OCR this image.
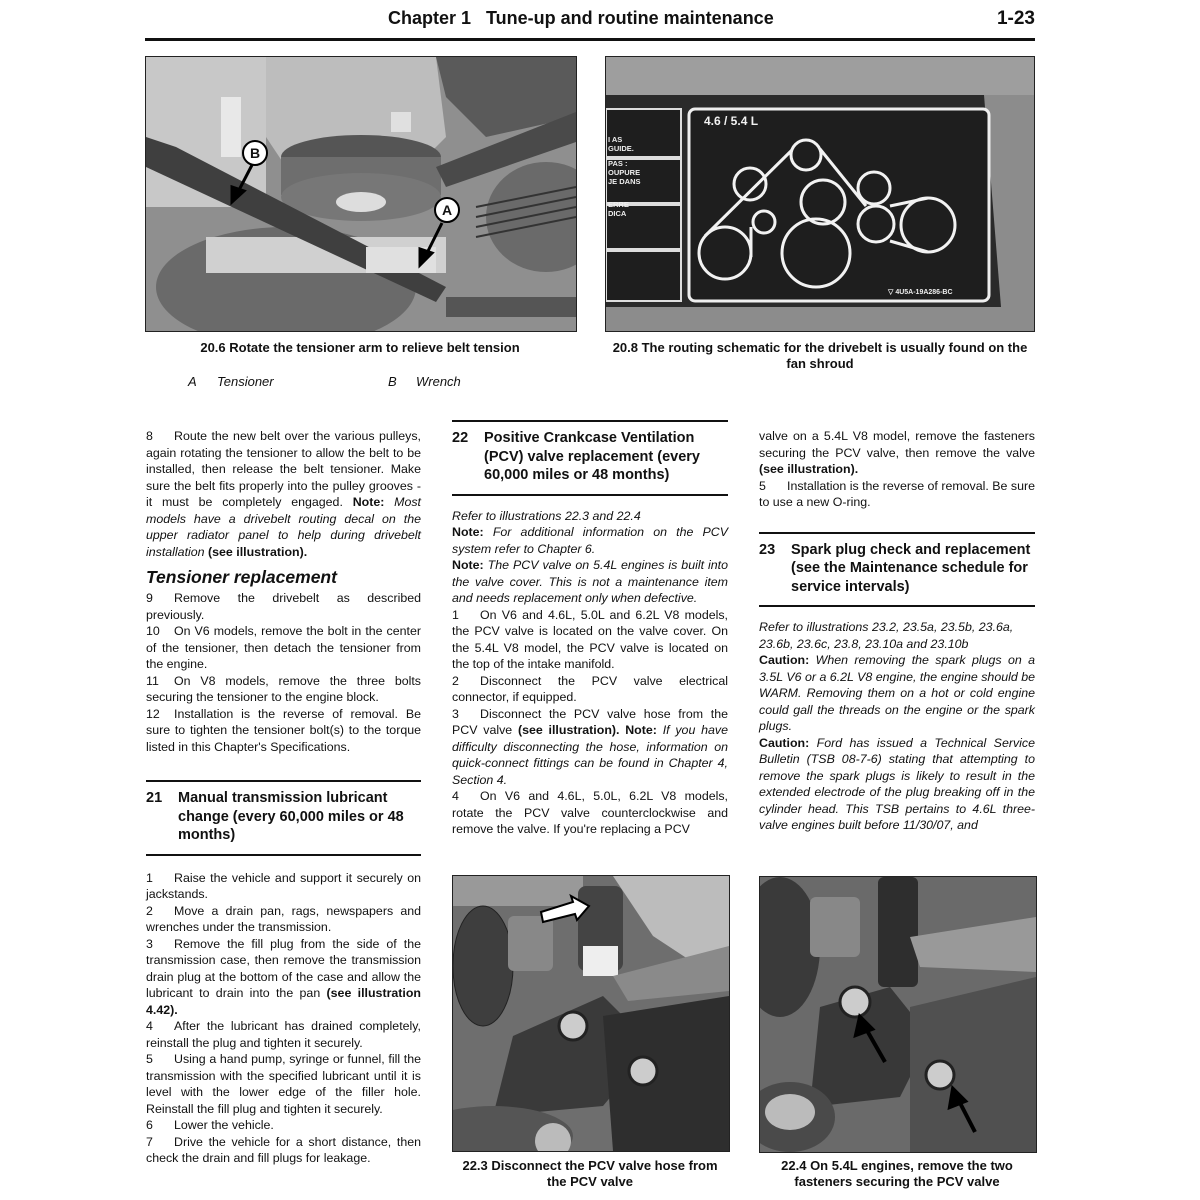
Chapter 1   Tune-up and routine maintenance	1-23
B
A
4.6 / 5.4 L
▽ 4U5A-19A286-BC
I AS
GUIDE.
PAS :
OUPURE
JE DANS
ERRE
DICA
20.6 Rotate the tensioner arm to relieve belt tension
A Tensioner	B Wrench
20.8 The routing schematic for the drivebelt is usually found on the fan shroud

8 Route the new belt over the various pulleys, again rotating the tensioner to allow the belt to be installed, then release the belt tensioner. Make sure the belt fits properly into the pulley grooves - it must be completely engaged. Note: Most models have a drivebelt routing decal on the upper radiator panel to help during drivebelt installation (see illustration).

Tensioner replacement

9 Remove the drivebelt as described previously.

10 On V6 models, remove the bolt in the center of the tensioner, then detach the tensioner from the engine.

11 On V8 models, remove the three bolts securing the tensioner to the engine block.

12 Installation is the reverse of removal. Be sure to tighten the tensioner bolt(s) to the torque listed in this Chapter's Specifications.

21	Manual transmission lubricant change (every 60,000 miles or 48 months)

1 Raise the vehicle and support it securely on jackstands.

2 Move a drain pan, rags, newspapers and wrenches under the transmission.

3 Remove the fill plug from the side of the transmission case, then remove the transmission drain plug at the bottom of the case and allow the lubricant to drain into the pan (see illustration 4.42).

4 After the lubricant has drained completely, reinstall the plug and tighten it securely.

5 Using a hand pump, syringe or funnel, fill the transmission with the specified lubricant until it is level with the lower edge of the filler hole. Reinstall the fill plug and tighten it securely.

6 Lower the vehicle.

7 Drive the vehicle for a short distance, then check the drain and fill plugs for leakage.

22	Positive Crankcase Ventilation (PCV) valve replacement (every 60,000 miles or 48 months)

Refer to illustrations 22.3 and 22.4

Note: For additional information on the PCV system refer to Chapter 6.

Note: The PCV valve on 5.4L engines is built into the valve cover. This is not a maintenance item and needs replacement only when defective.

1 On V6 and 4.6L, 5.0L and 6.2L V8 models, the PCV valve is located on the valve cover. On the 5.4L V8 model, the PCV valve is located on the top of the intake manifold.

2 Disconnect the PCV valve electrical connector, if equipped.

3 Disconnect the PCV valve hose from the PCV valve (see illustration). Note: If you have difficulty disconnecting the hose, information on quick-connect fittings can be found in Chapter 4, Section 4.

4 On V6 and 4.6L, 5.0L, 6.2L V8 models, rotate the PCV valve counterclockwise and remove the valve. If you're replacing a PCV

valve on a 5.4L V8 model, remove the fasteners securing the PCV valve, then remove the valve (see illustration).

5 Installation is the reverse of removal. Be sure to use a new O-ring.

23	Spark plug check and replacement (see the Maintenance schedule for service intervals)

Refer to illustrations 23.2, 23.5a, 23.5b, 23.6a, 23.6b, 23.6c, 23.8, 23.10a and 23.10b

Caution: When removing the spark plugs on a 3.5L V6 or a 6.2L V8 engine, the engine should be WARM. Removing them on a hot or cold engine could gall the threads on the engine or the spark plugs.

Caution: Ford has issued a Technical Service Bulletin (TSB 08-7-6) stating that attempting to remove the spark plugs is likely to result in the extended electrode of the plug breaking off in the cylinder head. This TSB pertains to 4.6L three-valve engines built before 11/30/07, and

22.3 Disconnect the PCV valve hose from the PCV valve
22.4 On 5.4L engines, remove the two fasteners securing the PCV valve
